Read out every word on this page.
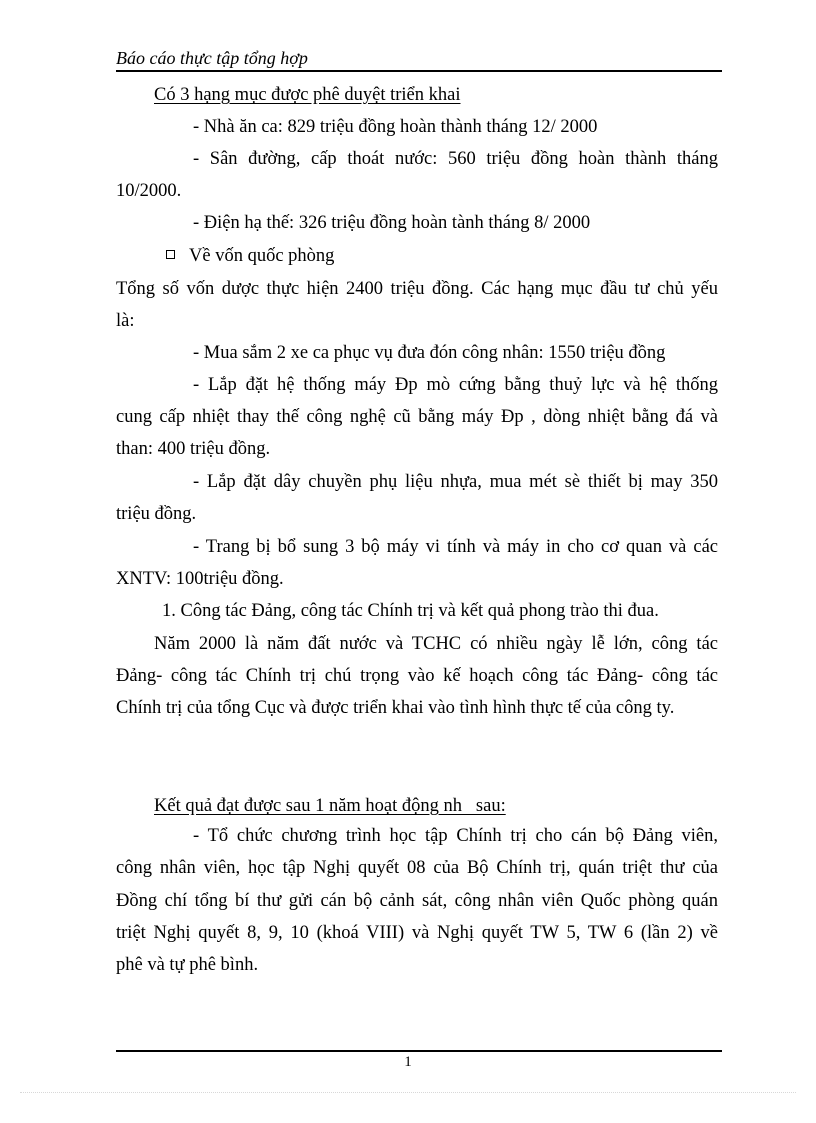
Báo cáo thực tập tổng hợp
Có 3 hạng mục được phê duyệt triển khai
- Nhà ăn ca: 829 triệu đồng hoàn thành tháng 12/ 2000
- Sân đường, cấp thoát nước: 560 triệu đồng hoàn thành tháng
10/2000.
- Điện hạ thế: 326 triệu đồng hoàn tành tháng 8/ 2000
Về vốn quốc phòng
Tổng số vốn dược thực hiện 2400 triệu đồng. Các hạng mục đầu tư chủ yếu
là:
- Mua sắm 2 xe ca phục vụ đưa đón công nhân: 1550 triệu đồng
- Lắp đặt hệ thống máy Đp mò cứng bằng thuỷ lực và hệ thống
cung cấp nhiệt thay thế công nghệ cũ bằng máy Đp , dòng nhiệt bằng đá và
than: 400 triệu đồng.
- Lắp đặt dây chuyền phụ liệu nhựa, mua mét sè thiết bị may 350
triệu đồng.
- Trang bị bổ sung 3 bộ máy vi tính và máy in cho cơ quan và các
XNTV: 100triệu đồng.
1. Công tác Đảng, công tác Chính trị và kết quả phong trào thi đua.
Năm 2000 là năm đất nước và TCHC có nhiều ngày lễ lớn, công tác
Đảng- công tác Chính trị chú trọng vào kế hoạch công tác Đảng- công tác
Chính trị của tổng Cục và được triển khai vào tình hình thực tế của công ty.
Kết quả đạt được sau 1 năm hoạt động nh   sau:
- Tổ chức chương trình học tập Chính trị cho cán bộ Đảng viên,
công nhân viên, học tập Nghị quyết 08 của Bộ Chính trị, quán triệt thư của
Đồng chí tổng bí thư gửi cán bộ cảnh sát, công nhân viên Quốc phòng quán
triệt Nghị quyết 8, 9, 10 (khoá VIII) và Nghị quyết TW 5, TW 6 (lần 2) về
phê và tự phê bình.
1
